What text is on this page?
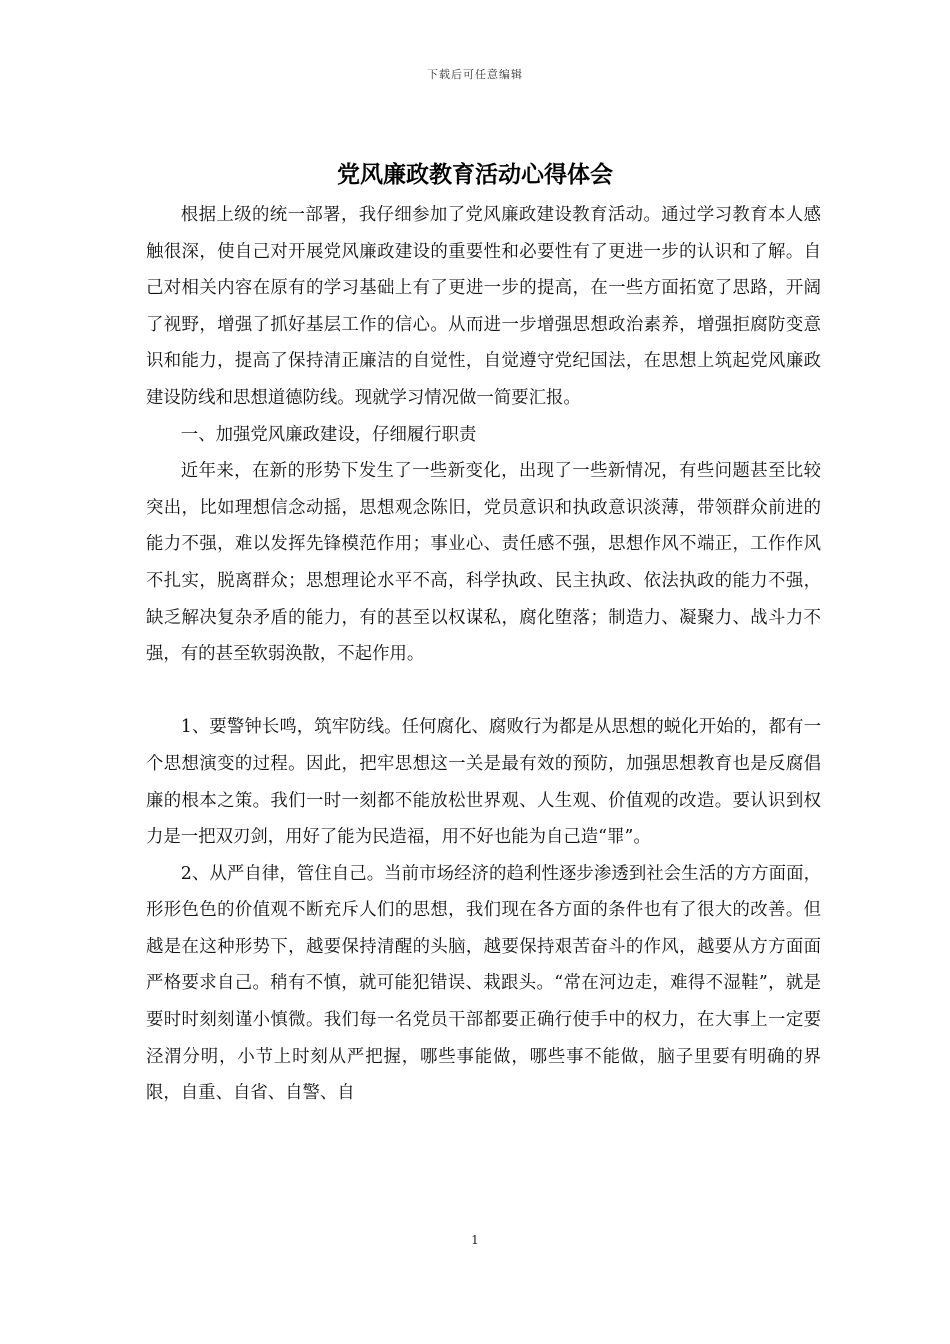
下载后可任意编辑
党风廉政教育活动心得体会

根据上级的统一部署，我仔细参加了党风廉政建设教育活动。通过学习教育本人感触很深，使自己对开展党风廉政建设的重要性和必要性有了更进一步的认识和了解。自己对相关内容在原有的学习基础上有了更进一步的提高，在一些方面拓宽了思路，开阔了视野，增强了抓好基层工作的信心。从而进一步增强思想政治素养，增强拒腐防变意识和能力，提高了保持清正廉洁的自觉性，自觉遵守党纪国法，在思想上筑起党风廉政建设防线和思想道德防线。现就学习情况做一简要汇报。

一、加强党风廉政建设，仔细履行职责

近年来，在新的形势下发生了一些新变化，出现了一些新情况，有些问题甚至比较突出，比如理想信念动摇，思想观念陈旧，党员意识和执政意识淡薄，带领群众前进的能力不强，难以发挥先锋模范作用；事业心、责任感不强，思想作风不端正，工作作风不扎实，脱离群众；思想理论水平不高，科学执政、民主执政、依法执政的能力不强，缺乏解决复杂矛盾的能力，有的甚至以权谋私，腐化堕落；制造力、凝聚力、战斗力不强，有的甚至软弱涣散，不起作用。

1、要警钟长鸣，筑牢防线。任何腐化、腐败行为都是从思想的蜕化开始的，都有一个思想演变的过程。因此，把牢思想这一关是最有效的预防，加强思想教育也是反腐倡廉的根本之策。我们一时一刻都不能放松世界观、人生观、价值观的改造。要认识到权力是一把双刃剑，用好了能为民造福，用不好也能为自己造“罪”。

2、从严自律，管住自己。当前市场经济的趋利性逐步渗透到社会生活的方方面面，形形色色的价值观不断充斥人们的思想，我们现在各方面的条件也有了很大的改善。但越是在这种形势下，越要保持清醒的头脑，越要保持艰苦奋斗的作风，越要从方方面面严格要求自己。稍有不慎，就可能犯错误、栽跟头。“常在河边走，难得不湿鞋”，就是要时时刻刻谨小慎微。我们每一名党员干部都要正确行使手中的权力，在大事上一定要泾渭分明，小节上时刻从严把握，哪些事能做，哪些事不能做，脑子里要有明确的界限，自重、自省、自警、自

1
